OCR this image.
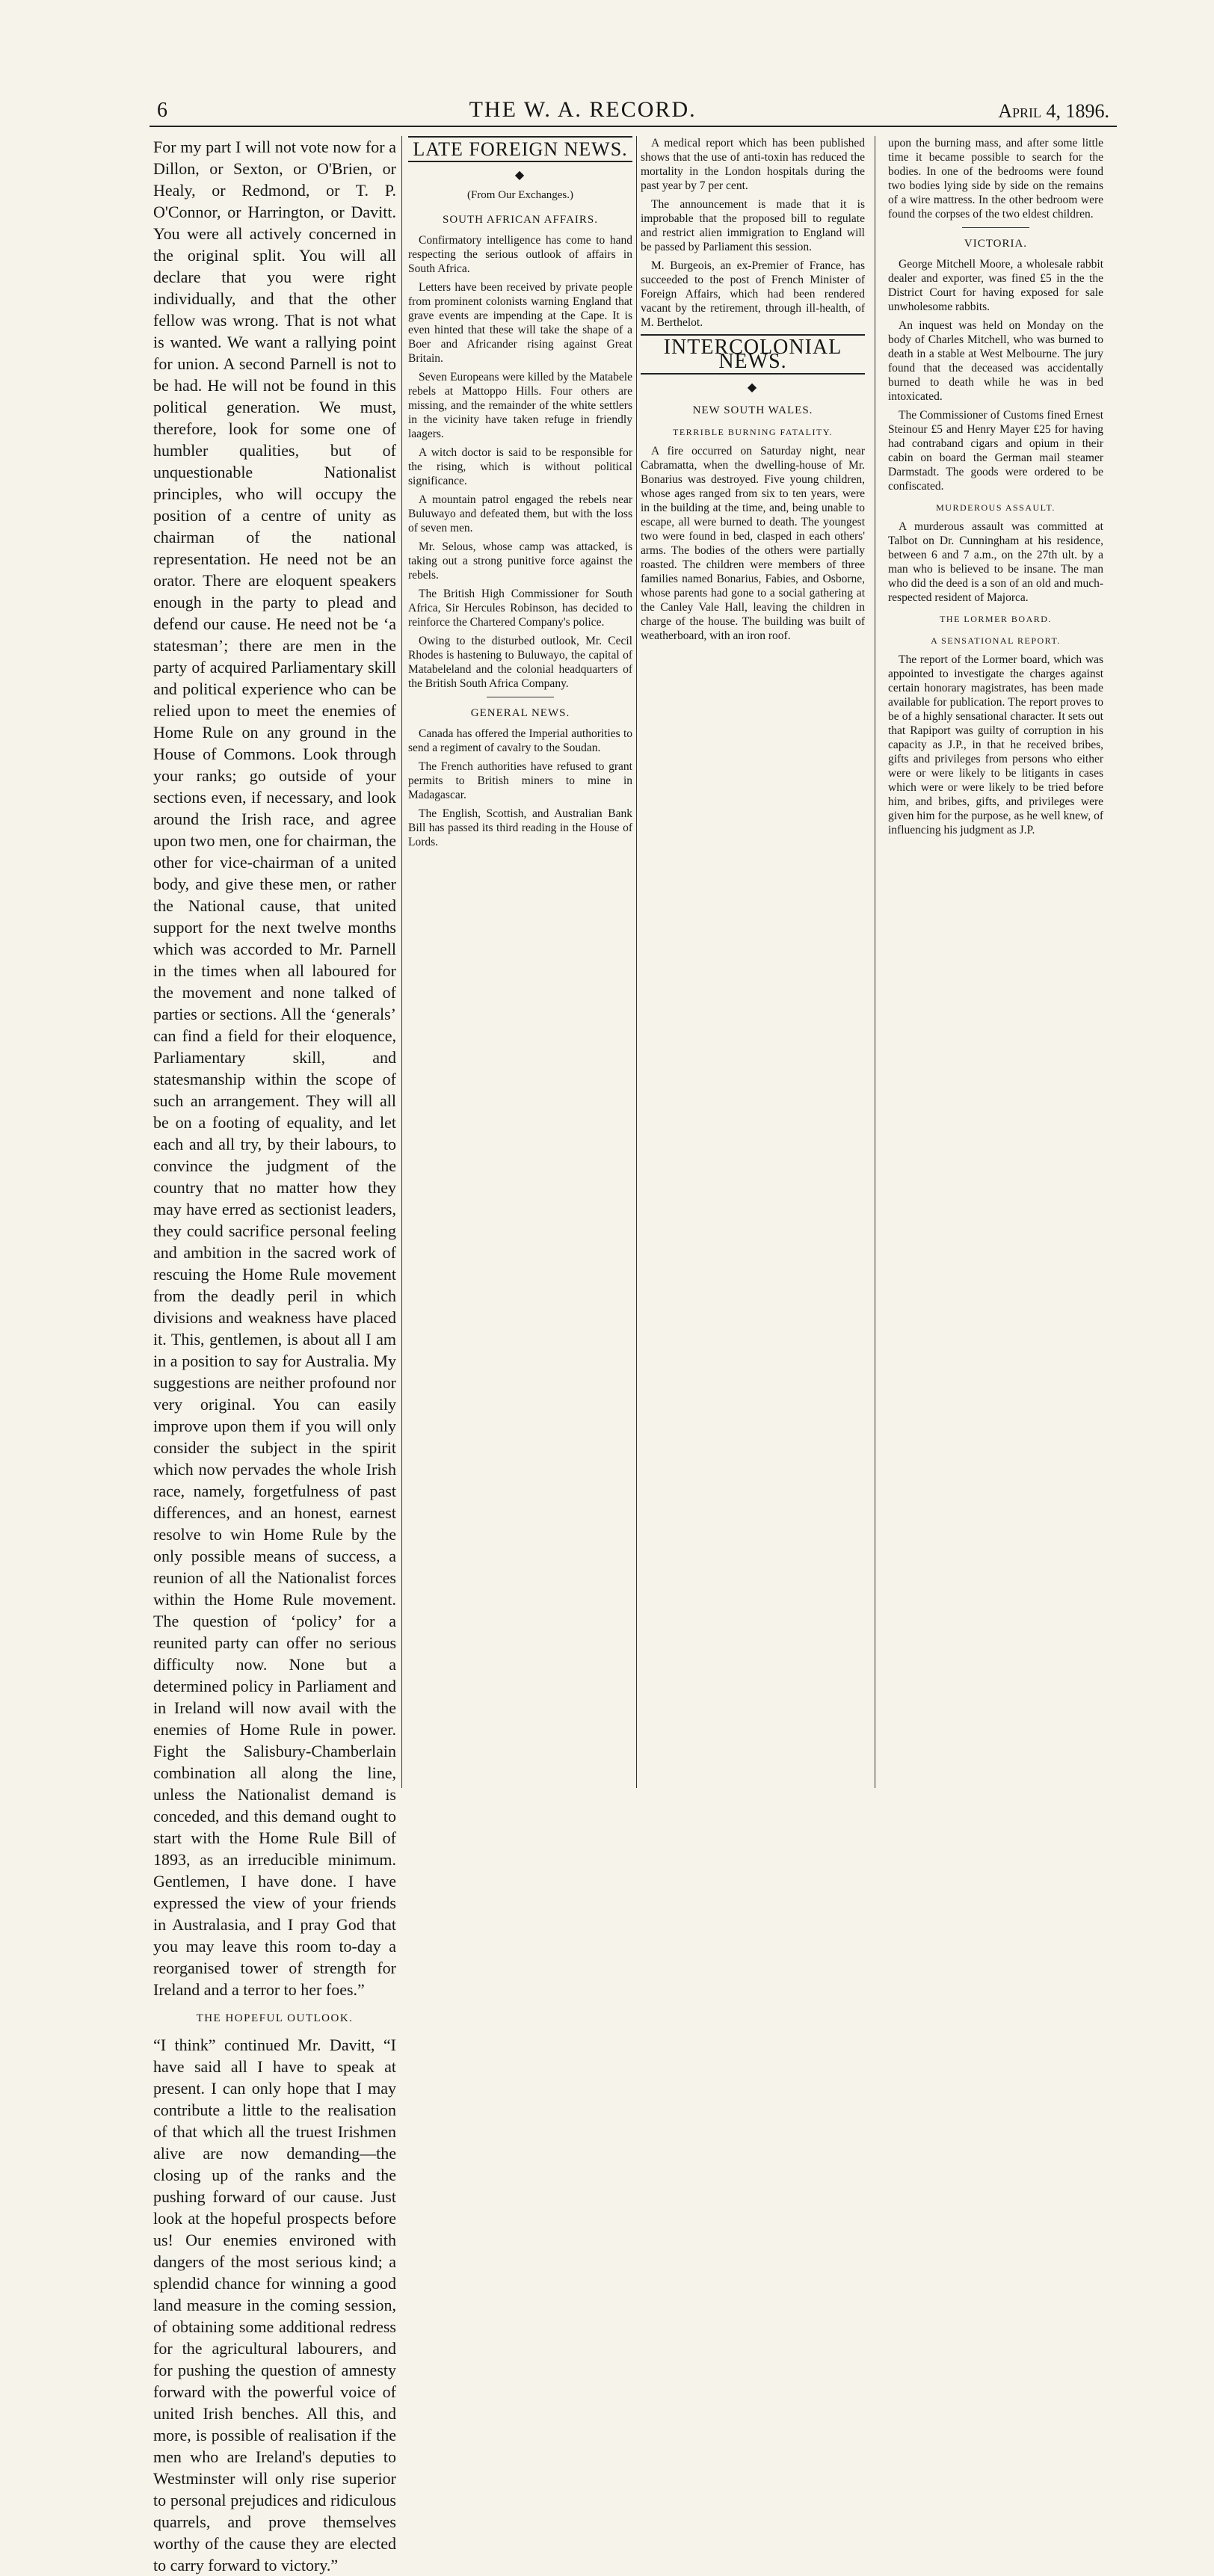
6	THE W. A. RECORD.	April 4, 1896.

For my part I will not vote now for a Dillon, or Sexton, or O'Brien, or Healy, or Redmond, or T. P. O'Connor, or Harrington, or Davitt. You were all actively concerned in the original split. You will all declare that you were right individually, and that the other fellow was wrong. That is not what is wanted. We want a rallying point for union. A second Parnell is not to be had. He will not be found in this political generation. We must, therefore, look for some one of humbler qualities, but of unquestionable Nationalist principles, who will occupy the position of a centre of unity as chairman of the national representation. He need not be an orator. There are eloquent speakers enough in the party to plead and defend our cause. He need not be ‘a statesman’; there are men in the party of acquired Parliamentary skill and political experience who can be relied upon to meet the enemies of Home Rule on any ground in the House of Commons. Look through your ranks; go outside of your sections even, if necessary, and look around the Irish race, and agree upon two men, one for chairman, the other for vice-chairman of a united body, and give these men, or rather the National cause, that united support for the next twelve months which was accorded to Mr. Parnell in the times when all laboured for the movement and none talked of parties or sections. All the ‘generals’ can find a field for their eloquence, Parliamentary skill, and statesmanship within the scope of such an arrangement. They will all be on a footing of equality, and let each and all try, by their labours, to convince the judgment of the country that no matter how they may have erred as sectionist leaders, they could sacrifice personal feeling and ambition in the sacred work of rescuing the Home Rule movement from the deadly peril in which divisions and weakness have placed it. This, gentlemen, is about all I am in a position to say for Australia. My suggestions are neither profound nor very original. You can easily improve upon them if you will only consider the subject in the spirit which now pervades the whole Irish race, namely, forgetfulness of past differences, and an honest, earnest resolve to win Home Rule by the only possible means of success, a reunion of all the Nationalist forces within the Home Rule movement. The question of ‘policy’ for a reunited party can offer no serious difficulty now. None but a determined policy in Parliament and in Ireland will now avail with the enemies of Home Rule in power. Fight the Salisbury-Chamberlain combination all along the line, unless the Nationalist demand is conceded, and this demand ought to start with the Home Rule Bill of 1893, as an irreducible minimum. Gentlemen, I have done. I have expressed the view of your friends in Australasia, and I pray God that you may leave this room to-day a reorganised tower of strength for Ireland and a terror to her foes.”

THE HOPEFUL OUTLOOK.

“I think” continued Mr. Davitt, “I have said all I have to speak at present. I can only hope that I may contribute a little to the realisation of that which all the truest Irishmen alive are now demanding—the closing up of the ranks and the pushing forward of our cause. Just look at the hopeful prospects before us! Our enemies environed with dangers of the most serious kind; a splendid chance for winning a good land measure in the coming session, of obtaining some additional redress for the agricultural labourers, and for pushing the question of amnesty forward with the powerful voice of united Irish benches. All this, and more, is possible of realisation if the men who are Ireland's deputies to Westminster will only rise superior to personal prejudices and ridiculous quarrels, and prove themselves worthy of the cause they are elected to carry forward to victory.”

LATE FOREIGN NEWS.
◆
(From Our Exchanges.)
SOUTH AFRICAN AFFAIRS.

Confirmatory intelligence has come to hand respecting the serious outlook of affairs in South Africa.

Letters have been received by private people from prominent colonists warning England that grave events are impending at the Cape. It is even hinted that these will take the shape of a Boer and Africander rising against Great Britain.

Seven Europeans were killed by the Matabele rebels at Mattoppo Hills. Four others are missing, and the remainder of the white settlers in the vicinity have taken refuge in friendly laagers.

A witch doctor is said to be responsible for the rising, which is without political significance.

A mountain patrol engaged the rebels near Buluwayo and defeated them, but with the loss of seven men.

Mr. Selous, whose camp was attacked, is taking out a strong punitive force against the rebels.

The British High Commissioner for South Africa, Sir Hercules Robinson, has decided to reinforce the Chartered Company's police.

Owing to the disturbed outlook, Mr. Cecil Rhodes is hastening to Buluwayo, the capital of Matabeleland and the colonial headquarters of the British South Africa Company.

GENERAL NEWS.

Canada has offered the Imperial authorities to send a regiment of cavalry to the Soudan.

The French authorities have refused to grant permits to British miners to mine in Madagascar.

The English, Scottish, and Australian Bank Bill has passed its third reading in the House of Lords.

A medical report which has been published shows that the use of anti-toxin has reduced the mortality in the London hospitals during the past year by 7 per cent.

The announcement is made that it is improbable that the proposed bill to regulate and restrict alien immigration to England will be passed by Parliament this session.

M. Burgeois, an ex-Premier of France, has succeeded to the post of French Minister of Foreign Affairs, which had been rendered vacant by the retirement, through ill-health, of M. Berthelot.

INTERCOLONIAL NEWS.
◆
NEW SOUTH WALES.
TERRIBLE BURNING FATALITY.

A fire occurred on Saturday night, near Cabramatta, when the dwelling-house of Mr. Bonarius was destroyed. Five young children, whose ages ranged from six to ten years, were in the building at the time, and, being unable to escape, all were burned to death. The youngest two were found in bed, clasped in each others' arms. The bodies of the others were partially roasted. The children were members of three families named Bonarius, Fabies, and Osborne, whose parents had gone to a social gathering at the Canley Vale Hall, leaving the children in charge of the house. The building was built of weatherboard, with an iron roof.

upon the burning mass, and after some little time it became possible to search for the bodies. In one of the bedrooms were found two bodies lying side by side on the remains of a wire mattress. In the other bedroom were found the corpses of the two eldest children.

VICTORIA.

George Mitchell Moore, a wholesale rabbit dealer and exporter, was fined £5 in the the District Court for having exposed for sale unwholesome rabbits.

An inquest was held on Monday on the body of Charles Mitchell, who was burned to death in a stable at West Melbourne. The jury found that the deceased was accidentally burned to death while he was in bed intoxicated.

The Commissioner of Customs fined Ernest Steinour £5 and Henry Mayer £25 for having had contraband cigars and opium in their cabin on board the German mail steamer Darmstadt. The goods were ordered to be confiscated.

MURDEROUS ASSAULT.

A murderous assault was committed at Talbot on Dr. Cunningham at his residence, between 6 and 7 a.m., on the 27th ult. by a man who is believed to be insane. The man who did the deed is a son of an old and much-respected resident of Majorca.

THE LORMER BOARD.
A SENSATIONAL REPORT.

The report of the Lormer board, which was appointed to investigate the charges against certain honorary magistrates, has been made available for publication. The report proves to be of a highly sensational character. It sets out that Rapiport was guilty of corruption in his capacity as J.P., in that he received bribes, gifts and privileges from persons who either were or were likely to be litigants in cases which were or were likely to be tried before him, and bribes, gifts, and privileges were given him for the purpose, as he well knew, of influencing his judgment as J.P.
